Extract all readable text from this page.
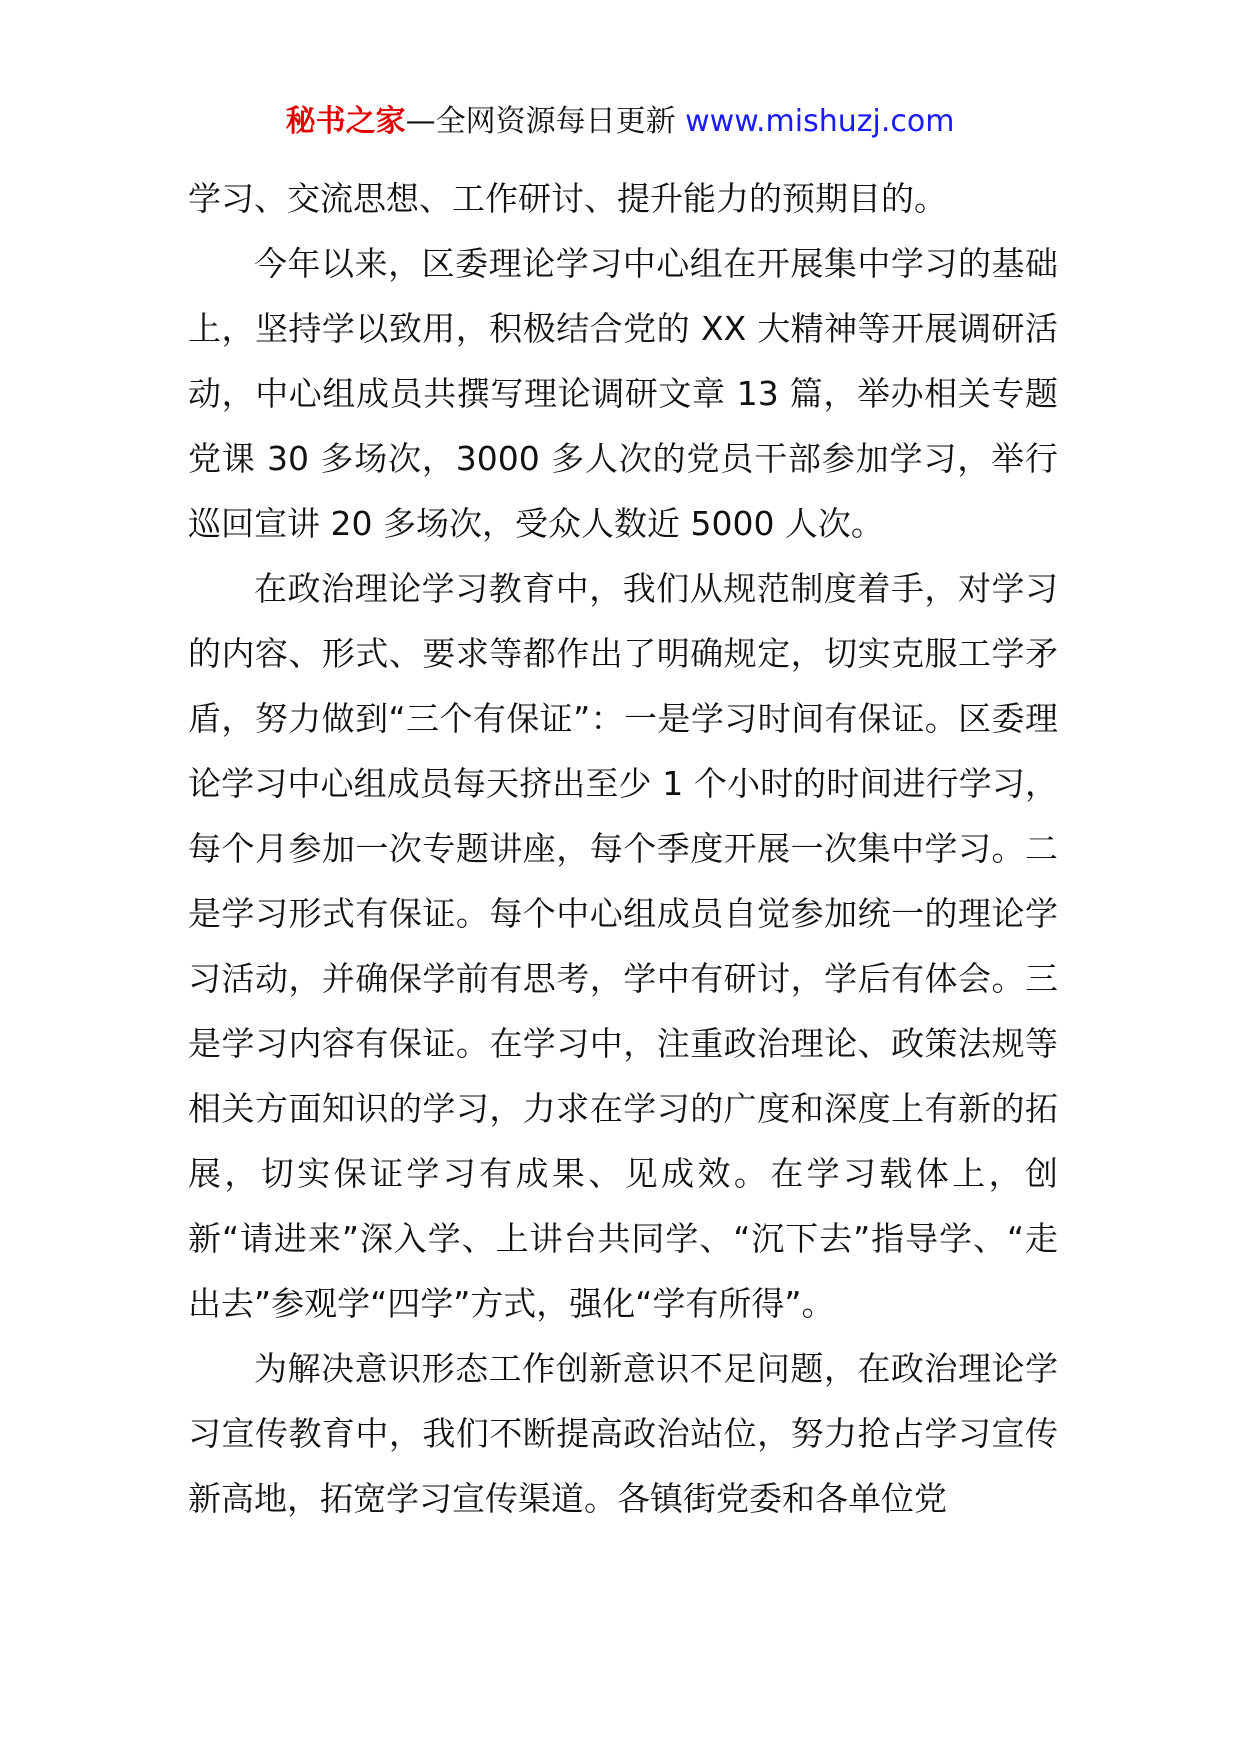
秘书之家—全网资源每日更新 www.mishuzj.com

学习、交流思想、工作研讨、提升能力的预期目的。

今年以来，区委理论学习中心组在开展集中学习的基础上，坚持学以致用，积极结合党的 XX 大精神等开展调研活动，中心组成员共撰写理论调研文章 13 篇，举办相关专题党课 30 多场次，3000 多人次的党员干部参加学习，举行巡回宣讲 20 多场次，受众人数近 5000 人次。

在政治理论学习教育中，我们从规范制度着手，对学习的内容、形式、要求等都作出了明确规定，切实克服工学矛盾，努力做到“三个有保证”：一是学习时间有保证。区委理论学习中心组成员每天挤出至少 1 个小时的时间进行学习，每个月参加一次专题讲座，每个季度开展一次集中学习。二是学习形式有保证。每个中心组成员自觉参加统一的理论学习活动，并确保学前有思考，学中有研讨，学后有体会。三是学习内容有保证。在学习中，注重政治理论、政策法规等相关方面知识的学习，力求在学习的广度和深度上有新的拓展，切实保证学习有成果、见成效。在学习载体上，创新“请进来”深入学、上讲台共同学、“沉下去”指导学、“走出去”参观学“四学”方式，强化“学有所得”。

为解决意识形态工作创新意识不足问题，在政治理论学习宣传教育中，我们不断提高政治站位，努力抢占学习宣传新高地，拓宽学习宣传渠道。各镇街党委和各单位党
